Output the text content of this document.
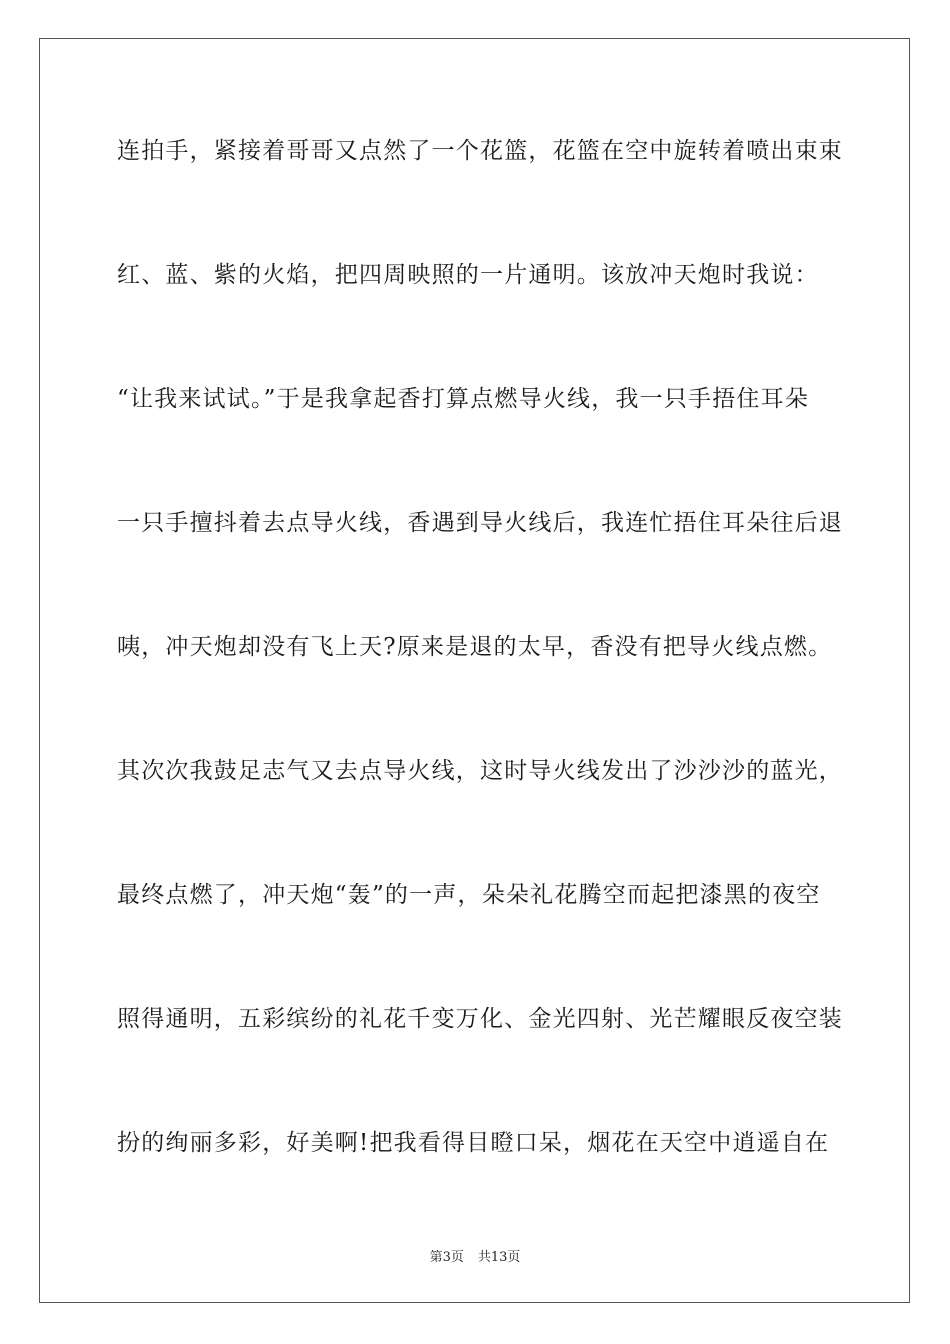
连拍手，紧接着哥哥又点然了一个花篮，花篮在空中旋转着喷出束束
红、蓝、紫的火焰，把四周映照的一片通明。该放冲天炮时我说：
“让我来试试。”于是我拿起香打算点燃导火线，我一只手捂住耳朵
一只手擅抖着去点导火线，香遇到导火线后，我连忙捂住耳朵往后退
咦，冲天炮却没有飞上天?原来是退的太早，香没有把导火线点燃。
其次次我鼓足志气又去点导火线，这时导火线发出了沙沙沙的蓝光，
最终点燃了，冲天炮“轰”的一声，朵朵礼花腾空而起把漆黑的夜空
照得通明，五彩缤纷的礼花千变万化、金光四射、光芒耀眼反夜空装
扮的绚丽多彩，好美啊!把我看得目瞪口呆，烟花在天空中逍遥自在
第3页 共13页
